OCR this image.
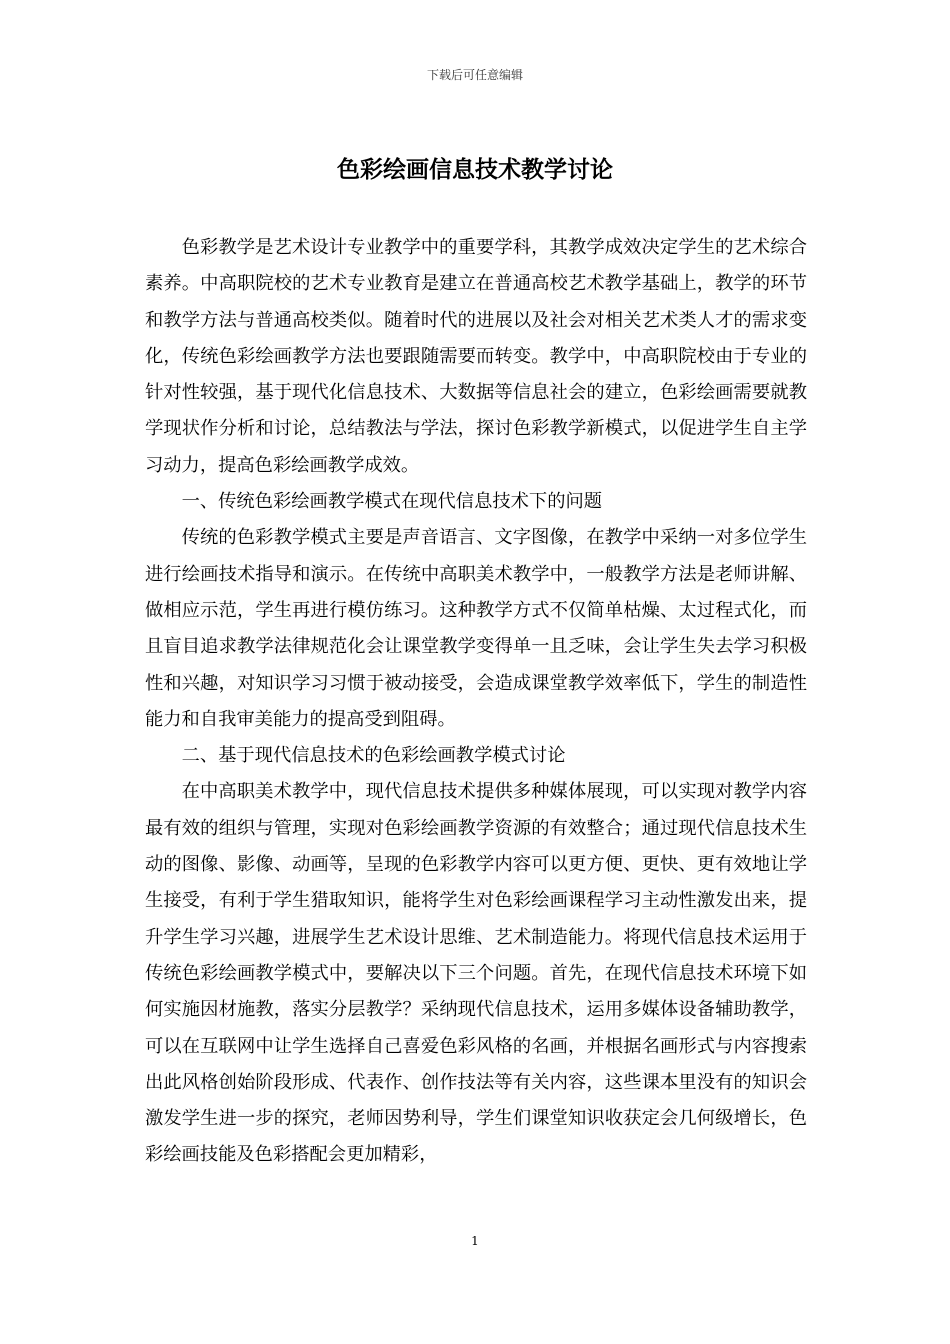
下载后可任意编辑
色彩绘画信息技术教学讨论

色彩教学是艺术设计专业教学中的重要学科，其教学成效决定学生的艺术综合素养。中高职院校的艺术专业教育是建立在普通高校艺术教学基础上，教学的环节和教学方法与普通高校类似。随着时代的进展以及社会对相关艺术类人才的需求变化，传统色彩绘画教学方法也要跟随需要而转变。教学中，中高职院校由于专业的针对性较强，基于现代化信息技术、大数据等信息社会的建立，色彩绘画需要就教学现状作分析和讨论，总结教法与学法，探讨色彩教学新模式，以促进学生自主学习动力，提高色彩绘画教学成效。

一、传统色彩绘画教学模式在现代信息技术下的问题

传统的色彩教学模式主要是声音语言、文字图像，在教学中采纳一对多位学生进行绘画技术指导和演示。在传统中高职美术教学中，一般教学方法是老师讲解、做相应示范，学生再进行模仿练习。这种教学方式不仅简单枯燥、太过程式化，而且盲目追求教学法律规范化会让课堂教学变得单一且乏味，会让学生失去学习积极性和兴趣，对知识学习习惯于被动接受，会造成课堂教学效率低下，学生的制造性能力和自我审美能力的提高受到阻碍。

二、基于现代信息技术的色彩绘画教学模式讨论

在中高职美术教学中，现代信息技术提供多种媒体展现，可以实现对教学内容最有效的组织与管理，实现对色彩绘画教学资源的有效整合；通过现代信息技术生动的图像、影像、动画等，呈现的色彩教学内容可以更方便、更快、更有效地让学生接受，有利于学生猎取知识，能将学生对色彩绘画课程学习主动性激发出来，提升学生学习兴趣，进展学生艺术设计思维、艺术制造能力。将现代信息技术运用于传统色彩绘画教学模式中，要解决以下三个问题。首先，在现代信息技术环境下如何实施因材施教，落实分层教学？采纳现代信息技术，运用多媒体设备辅助教学，可以在互联网中让学生选择自己喜爱色彩风格的名画，并根据名画形式与内容搜索出此风格创始阶段形成、代表作、创作技法等有关内容，这些课本里没有的知识会激发学生进一步的探究，老师因势利导，学生们课堂知识收获定会几何级增长，色彩绘画技能及色彩搭配会更加精彩，

1
